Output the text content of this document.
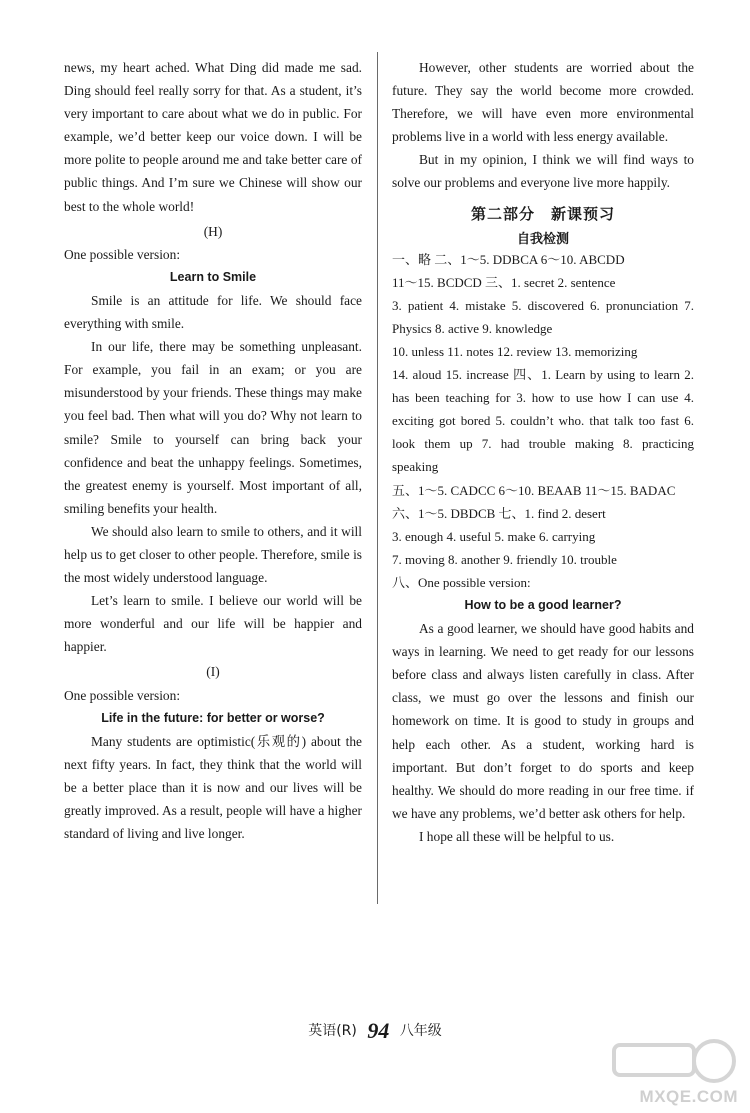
news, my heart ached. What Ding did made me sad. Ding should feel really sorry for that. As a student, it’s very important to care about what we do in public. For example, we’d better keep our voice down. I will be more polite to people around me and take better care of public things. And I’m sure we Chinese will show our best to the whole world!

(H)

One possible version:

Learn to Smile

Smile is an attitude for life. We should face everything with smile.

In our life, there may be something unpleasant. For example, you fail in an exam; or you are misunderstood by your friends. These things may make you feel bad. Then what will you do? Why not learn to smile? Smile to yourself can bring back your confidence and beat the unhappy feelings. Sometimes, the greatest enemy is yourself. Most important of all, smiling benefits your health.

We should also learn to smile to others, and it will help us to get closer to other people. Therefore, smile is the most widely understood language.

Let’s learn to smile. I believe our world will be more wonderful and our life will be happier and happier.

(I)

One possible version:

Life in the future: for better or worse?

Many students are optimistic(乐观的) about the next fifty years. In fact, they think that the world will be a better place than it is now and our lives will be greatly improved. As a result, people will have a higher standard of living and live longer.

However, other students are worried about the future. They say the world become more crowded. Therefore, we will have even more environmental problems live in a world with less energy available.

But in my opinion, I think we will find ways to solve our problems and everyone live more happily.

第二部分 新课预习
自我检测

一、略 二、1～5. DDBCA 6～10. ABCDD

11～15. BCDCD 三、1. secret 2. sentence

3. patient 4. mistake 5. discovered 6. pronunciation 7. Physics 8. active 9. knowledge

10. unless 11. notes 12. review 13. memorizing

14. aloud 15. increase 四、1. Learn by using to learn 2. has been teaching for 3. how to use how I can use 4. exciting got bored 5. couldn’t who. that talk too fast 6. look them up 7. had trouble making 8. practicing speaking

五、1～5. CADCC 6～10. BEAAB 11～15. BADAC

六、1～5. DBDCB 七、1. find 2. desert

3. enough 4. useful 5. make 6. carrying

7. moving 8. another 9. friendly 10. trouble

八、One possible version:

How to be a good learner?

As a good learner, we should have good habits and ways in learning. We need to get ready for our lessons before class and always listen carefully in class. After class, we must go over the lessons and finish our homework on time. It is good to study in groups and help each other. As a student, working hard is important. But don’t forget to do sports and keep healthy. We should do more reading in our free time. if we have any problems, we’d better ask others for help.

I hope all these will be helpful to us.

英语(R) 94 八年级
MXQE.COM
